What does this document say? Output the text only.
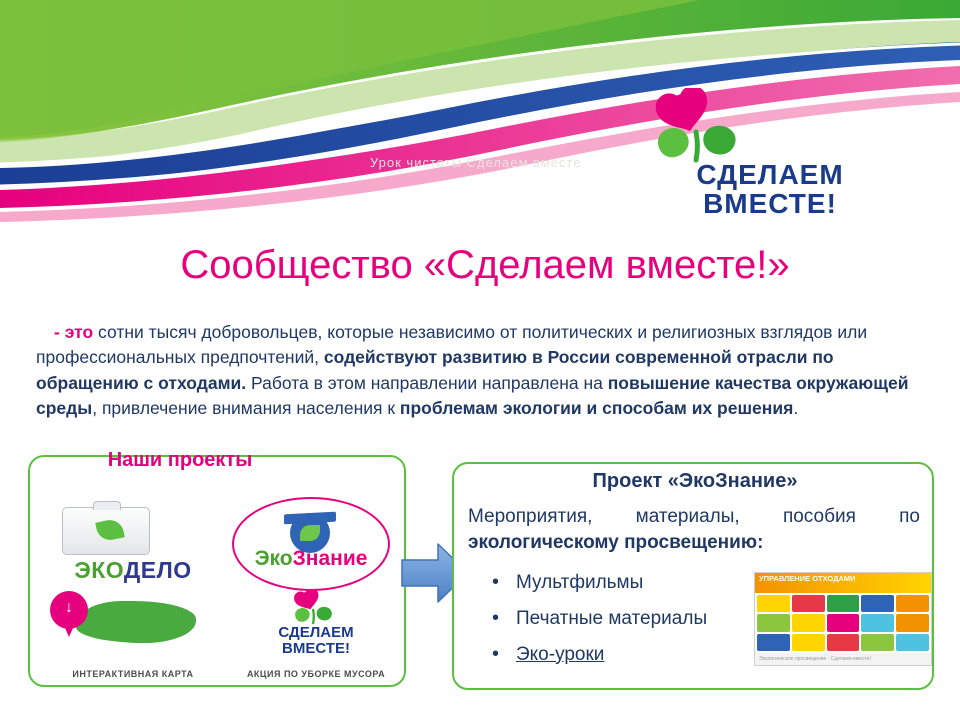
Урок чистоты Сделаем вместе	СДЕЛАЕМ
ВМЕСТЕ!
Сообщество «Сделаем вместе!»
- это сотни тысяч добровольцев, которые независимо от политических и религиозных взглядов или профессиональных предпочтений, содействуют развитию в России современной отрасли по обращению с отходами. Работа в этом направлении направлена на повышение качества окружающей среды, привлечение внимания населения к проблемам экологии и способам их решения.
Наши проекты
ЭКОДЕЛО	ЭкоЗнание
↓
ИНТЕРАКТИВНАЯ КАРТА
СДЕЛАЕМ
ВМЕСТЕ!
АКЦИЯ ПО УБОРКЕ МУСОРА
Проект «ЭкоЗнание»
Мероприятия, материалы, пособия по экологическому просвещению:
• Мультфильмы
• Печатные материалы
• Эко-уроки
УПРАВЛЕНИЕ ОТХОДАМИ
Экологическое просвещение · Сделаем вместе!
